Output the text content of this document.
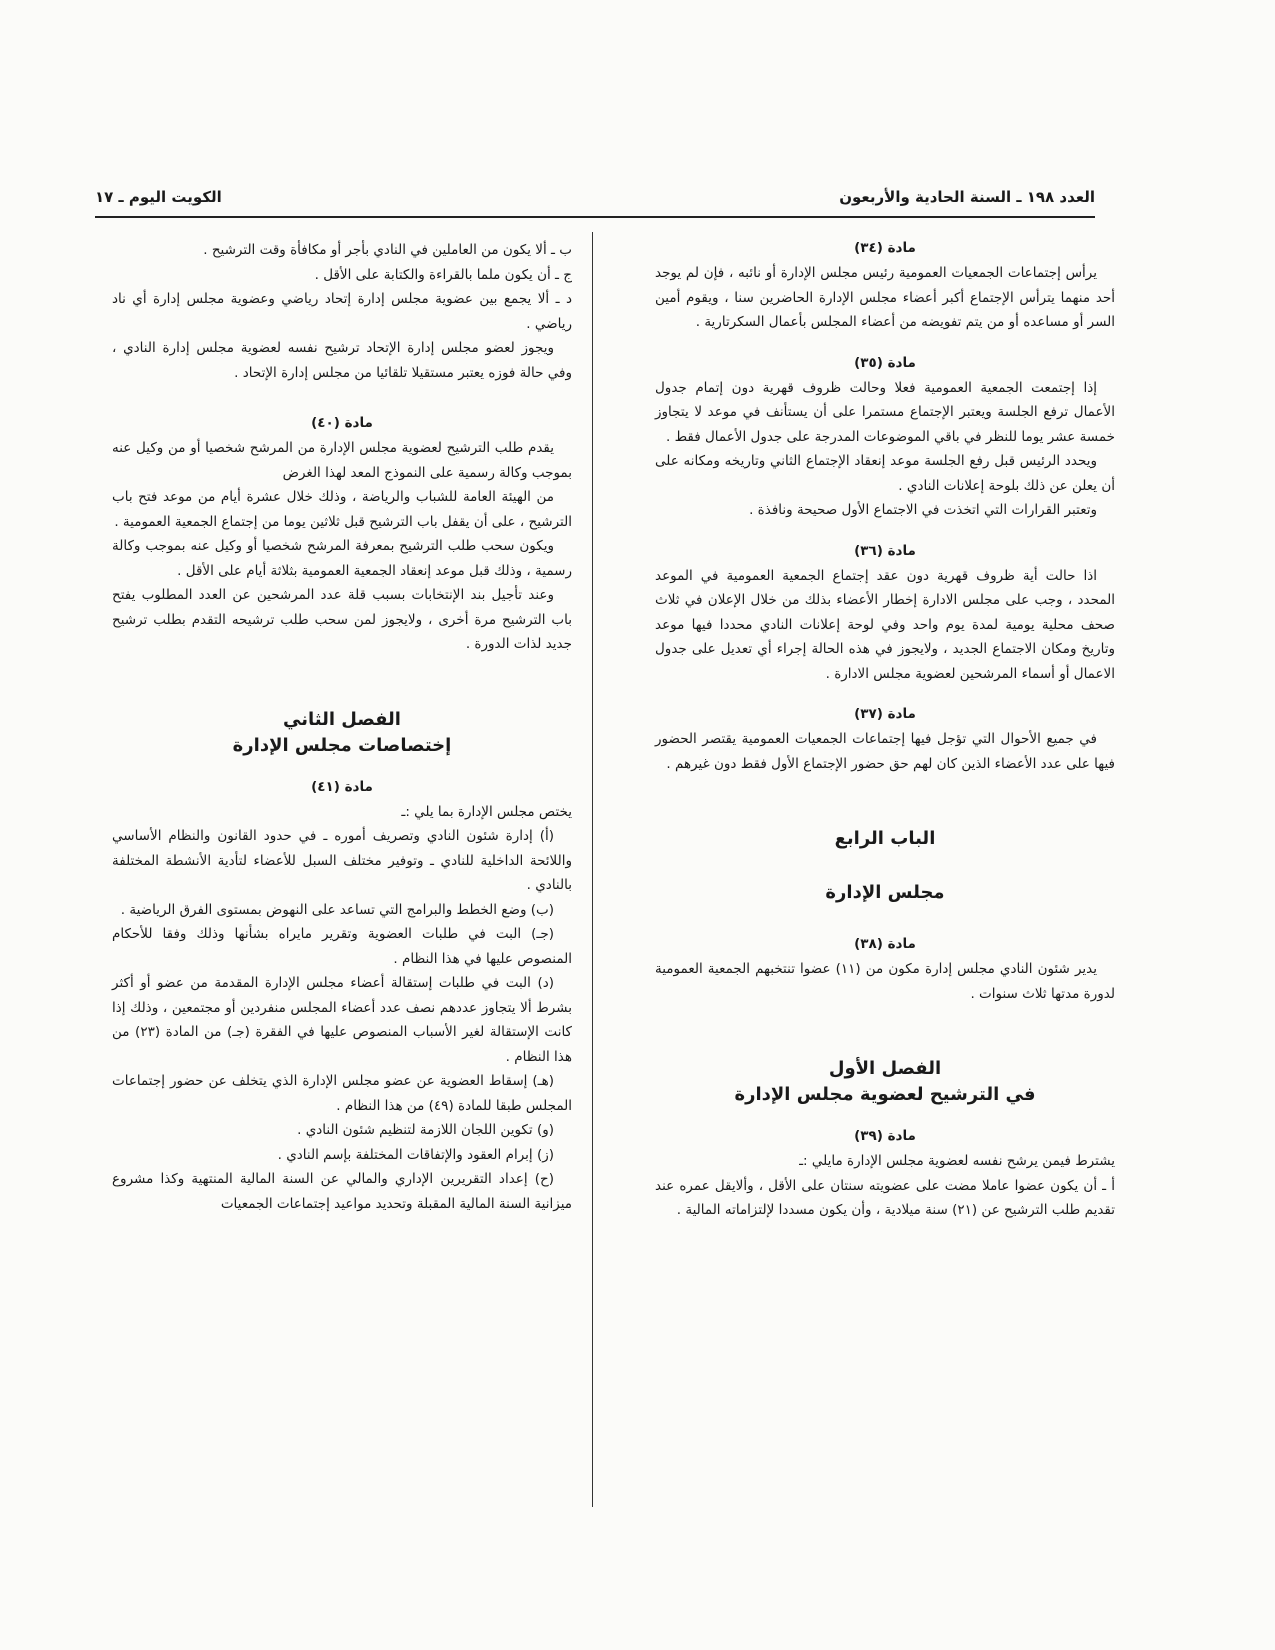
العدد ١٩٨ ـ السنة الحادية والأربعون
الكويت اليوم ـ ١٧
مادة (٣٤)

يرأس إجتماعات الجمعيات العمومية رئيس مجلس الإدارة أو نائبه ، فإن لم يوجد أحد منهما يترأس الإجتماع أكبر أعضاء مجلس الإدارة الحاضرين سنا ، ويقوم أمين السر أو مساعده أو من يتم تفويضه من أعضاء المجلس بأعمال السكرتارية .

مادة (٣٥)

إذا إجتمعت الجمعية العمومية فعلا وحالت ظروف قهرية دون إتمام جدول الأعمال ترفع الجلسة ويعتبر الإجتماع مستمرا على أن يستأنف في موعد لا يتجاوز خمسة عشر يوما للنظر في باقي الموضوعات المدرجة على جدول الأعمال فقط .

ويحدد الرئيس قبل رفع الجلسة موعد إنعقاد الإجتماع الثاني وتاريخه ومكانه على أن يعلن عن ذلك بلوحة إعلانات النادي .

وتعتبر القرارات التي اتخذت في الاجتماع الأول صحيحة ونافذة .

مادة (٣٦)

اذا حالت أية ظروف قهرية دون عقد إجتماع الجمعية العمومية في الموعد المحدد ، وجب على مجلس الادارة إخطار الأعضاء بذلك من خلال الإعلان في ثلاث صحف محلية يومية لمدة يوم واحد وفي لوحة إعلانات النادي محددا فيها موعد وتاريخ ومكان الاجتماع الجديد ، ولايجوز في هذه الحالة إجراء أي تعديل على جدول الاعمال أو أسماء المرشحين لعضوية مجلس الادارة .

مادة (٣٧)

في جميع الأحوال التي تؤجل فيها إجتماعات الجمعيات العمومية يقتصر الحضور فيها على عدد الأعضاء الذين كان لهم حق حضور الإجتماع الأول فقط دون غيرهم .

الباب الرابع
مجلس الإدارة
مادة (٣٨)

يدير شئون النادي مجلس إدارة مكون من (١١) عضوا تنتخبهم الجمعية العمومية لدورة مدتها ثلاث سنوات .

الفصل الأول
في الترشيح لعضوية مجلس الإدارة
مادة (٣٩)

يشترط فيمن يرشح نفسه لعضوية مجلس الإدارة مايلي :ـ

أ ـ أن يكون عضوا عاملا مضت على عضويته سنتان على الأقل ، وألايقل عمره عند تقديم طلب الترشيح عن (٢١) سنة ميلادية ، وأن يكون مسددا لإلتزاماته المالية .

ب ـ ألا يكون من العاملين في النادي بأجر أو مكافأة وقت الترشيح .

ج ـ أن يكون ملما بالقراءة والكتابة على الأقل .

د ـ ألا يجمع بين عضوية مجلس إدارة إتحاد رياضي وعضوية مجلس إدارة أي ناد رياضي .

ويجوز لعضو مجلس إدارة الإتحاد ترشيح نفسه لعضوية مجلس إدارة النادي ، وفي حالة فوزه يعتبر مستقيلا تلقائيا من مجلس إدارة الإتحاد .

مادة (٤٠)

يقدم طلب الترشيح لعضوية مجلس الإدارة من المرشح شخصيا أو من وكيل عنه بموجب وكالة رسمية على النموذج المعد لهذا الغرض

من الهيئة العامة للشباب والرياضة ، وذلك خلال عشرة أيام من موعد فتح باب الترشيح ، على أن يقفل باب الترشيح قبل ثلاثين يوما من إجتماع الجمعية العمومية .

ويكون سحب طلب الترشيح بمعرفة المرشح شخصيا أو وكيل عنه بموجب وكالة رسمية ، وذلك قبل موعد إنعقاد الجمعية العمومية بثلاثة أيام على الأقل .

وعند تأجيل بند الإنتخابات بسبب قلة عدد المرشحين عن العدد المطلوب يفتح باب الترشيح مرة أخرى ، ولايجوز لمن سحب طلب ترشيحه التقدم بطلب ترشيح جديد لذات الدورة .

الفصل الثاني
إختصاصات مجلس الإدارة
مادة (٤١)

يختص مجلس الإدارة بما يلي :ـ

(أ) إدارة شئون النادي وتصريف أموره ـ في حدود القانون والنظام الأساسي واللائحة الداخلية للنادي ـ وتوفير مختلف السبل للأعضاء لتأدية الأنشطة المختلفة بالنادي .

(ب) وضع الخطط والبرامج التي تساعد على النهوض بمستوى الفرق الرياضية .

(جـ) البت في طلبات العضوية وتقرير مايراه بشأنها وذلك وفقا للأحكام المنصوص عليها في هذا النظام .

(د) البت في طلبات إستقالة أعضاء مجلس الإدارة المقدمة من عضو أو أكثر بشرط ألا يتجاوز عددهم نصف عدد أعضاء المجلس منفردين أو مجتمعين ، وذلك إذا كانت الإستقالة لغير الأسباب المنصوص عليها في الفقرة (جـ) من المادة (٢٣) من هذا النظام .

(هـ) إسقاط العضوية عن عضو مجلس الإدارة الذي يتخلف عن حضور إجتماعات المجلس طبقا للمادة (٤٩) من هذا النظام .

(و) تكوين اللجان اللازمة لتنظيم شئون النادي .

(ز) إبرام العقود والإتفاقات المختلفة بإسم النادي .

(ح) إعداد التقريرين الإداري والمالي عن السنة المالية المنتهية وكذا مشروع ميزانية السنة المالية المقبلة وتحديد مواعيد إجتماعات الجمعيات
